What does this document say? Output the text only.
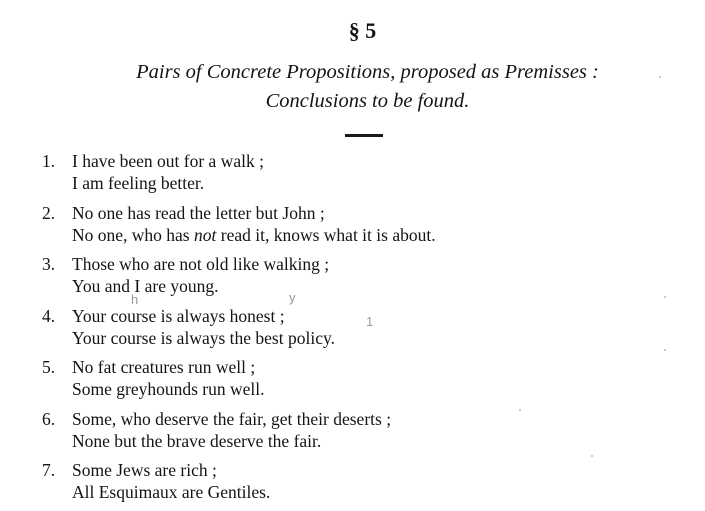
§ 5
Pairs of Concrete Propositions, proposed as Premisses :
Conclusions to be found.
1. I have been out for a walk ;
I am feeling better.
2. No one has read the letter but John ;
No one, who has not read it, knows what it is about.
3. Those who are not old like walking ;
You and I are young.
4. Your course is always honest ;
Your course is always the best policy.
5. No fat creatures run well ;
Some greyhounds run well.
6. Some, who deserve the fair, get their deserts ;
None but the brave deserve the fair.
7. Some Jews are rich ;
All Esquimaux are Gentiles.
h	y
1
